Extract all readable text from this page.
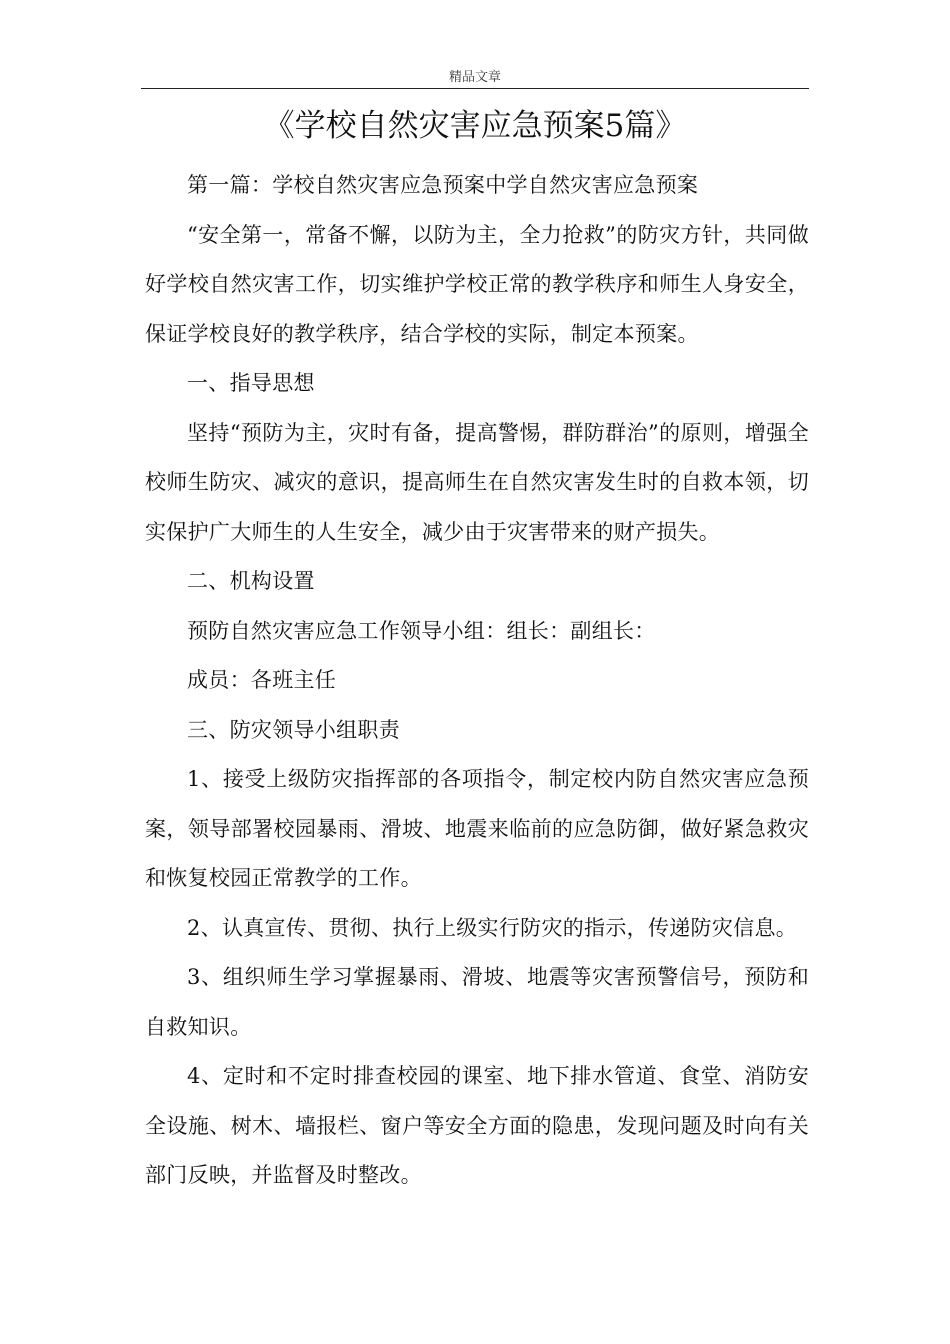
精品文章
《学校自然灾害应急预案5篇》

第一篇：学校自然灾害应急预案中学自然灾害应急预案

“安全第一，常备不懈，以防为主，全力抢救”的防灾方针，共同做好学校自然灾害工作，切实维护学校正常的教学秩序和师生人身安全，保证学校良好的教学秩序，结合学校的实际，制定本预案。

一、指导思想

坚持“预防为主，灾时有备，提高警惕，群防群治”的原则，增强全校师生防灾、减灾的意识，提高师生在自然灾害发生时的自救本领，切实保护广大师生的人生安全，减少由于灾害带来的财产损失。

二、机构设置

预防自然灾害应急工作领导小组：组长：副组长：

成员：各班主任

三、防灾领导小组职责

1、接受上级防灾指挥部的各项指令，制定校内防自然灾害应急预案，领导部署校园暴雨、滑坡、地震来临前的应急防御，做好紧急救灾和恢复校园正常教学的工作。

2、认真宣传、贯彻、执行上级实行防灾的指示，传递防灾信息。

3、组织师生学习掌握暴雨、滑坡、地震等灾害预警信号，预防和自救知识。

4、定时和不定时排查校园的课室、地下排水管道、食堂、消防安全设施、树木、墙报栏、窗户等安全方面的隐患，发现问题及时向有关部门反映，并监督及时整改。
